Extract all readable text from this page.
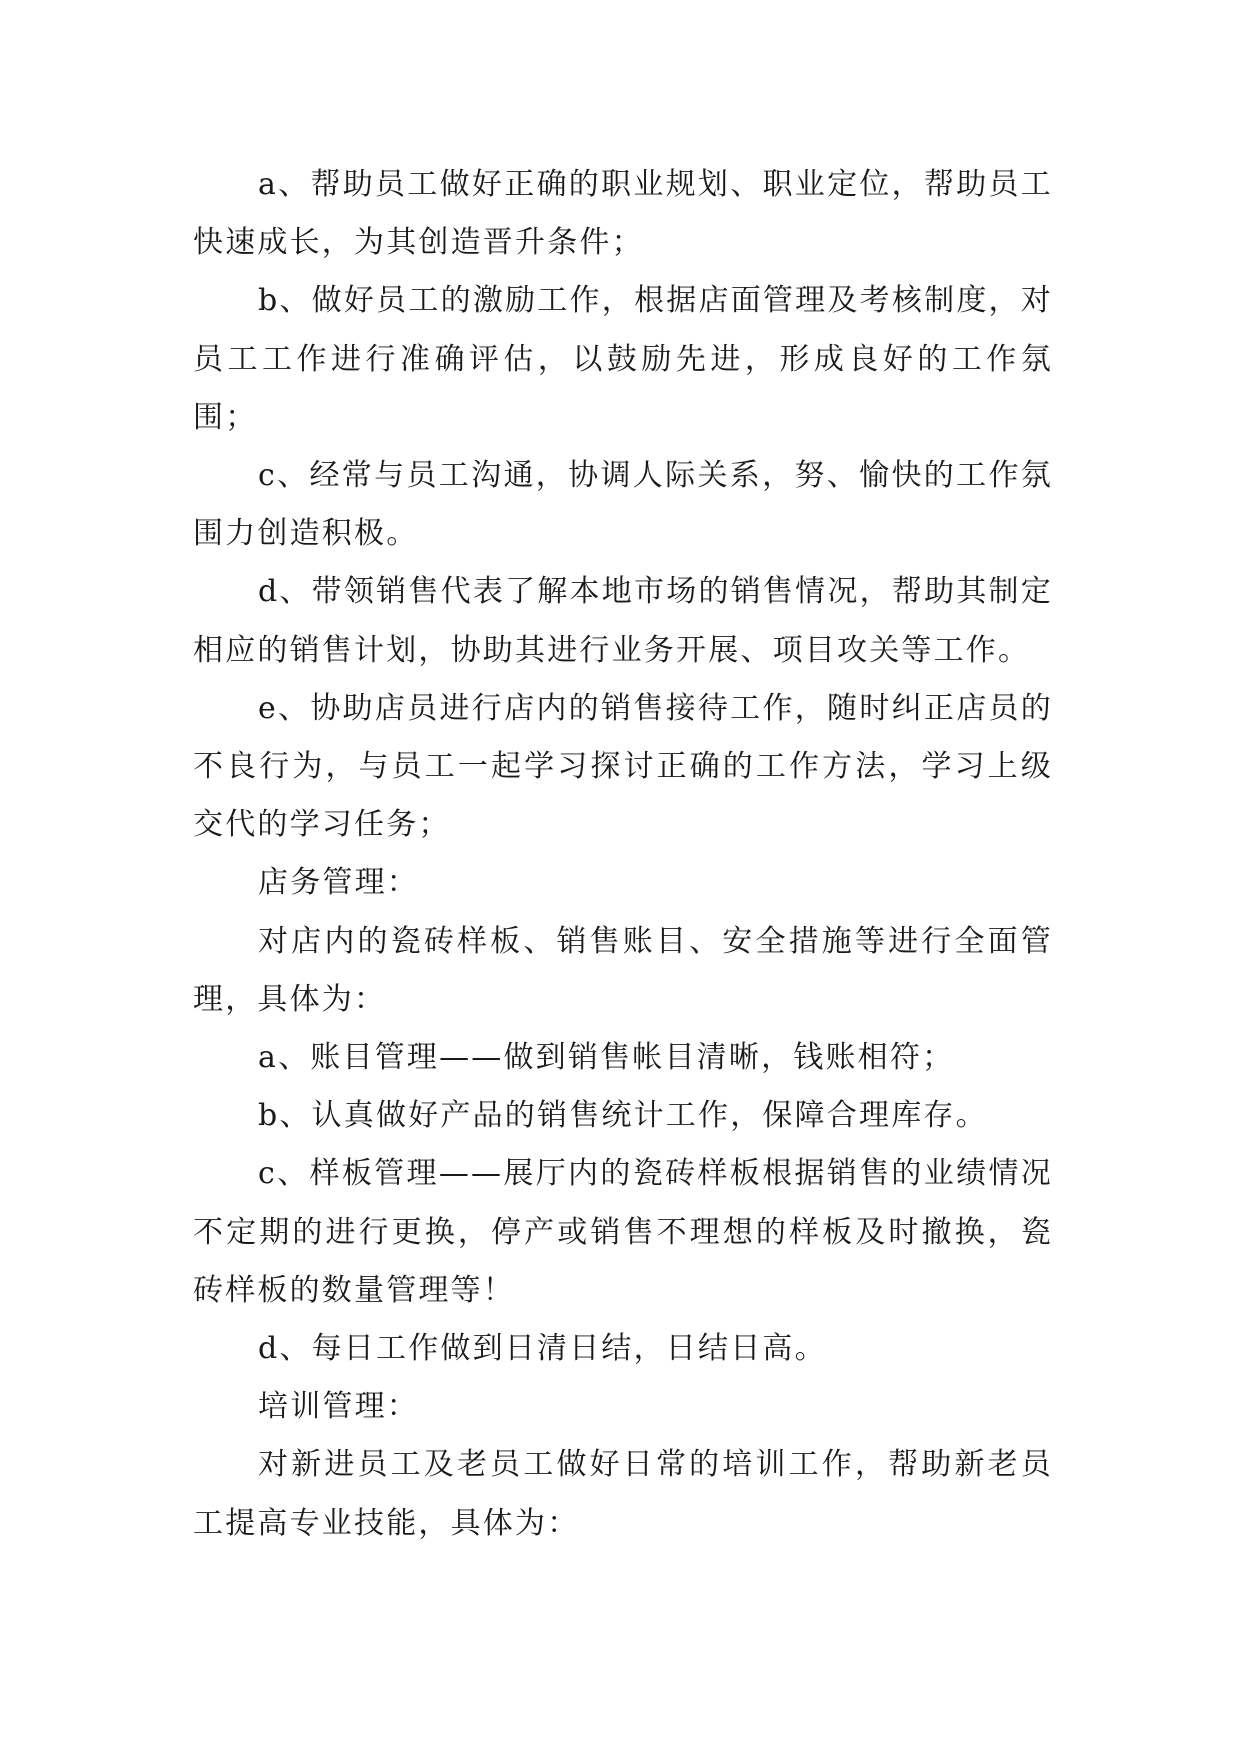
a、帮助员工做好正确的职业规划、职业定位，帮助员工快速成长，为其创造晋升条件；

b、做好员工的激励工作，根据店面管理及考核制度，对员工工作进行准确评估，以鼓励先进，形成良好的工作氛围；

c、经常与员工沟通，协调人际关系，努、愉快的工作氛围力创造积极。

d、带领销售代表了解本地市场的销售情况，帮助其制定相应的销售计划，协助其进行业务开展、项目攻关等工作。

e、协助店员进行店内的销售接待工作，随时纠正店员的不良行为，与员工一起学习探讨正确的工作方法，学习上级交代的学习任务；

店务管理：

对店内的瓷砖样板、销售账目、安全措施等进行全面管理，具体为：

a、账目管理——做到销售帐目清晰，钱账相符；

b、认真做好产品的销售统计工作，保障合理库存。

c、样板管理——展厅内的瓷砖样板根据销售的业绩情况不定期的进行更换，停产或销售不理想的样板及时撤换，瓷砖样板的数量管理等！

d、每日工作做到日清日结，日结日高。

培训管理：

对新进员工及老员工做好日常的培训工作，帮助新老员工提高专业技能，具体为：
